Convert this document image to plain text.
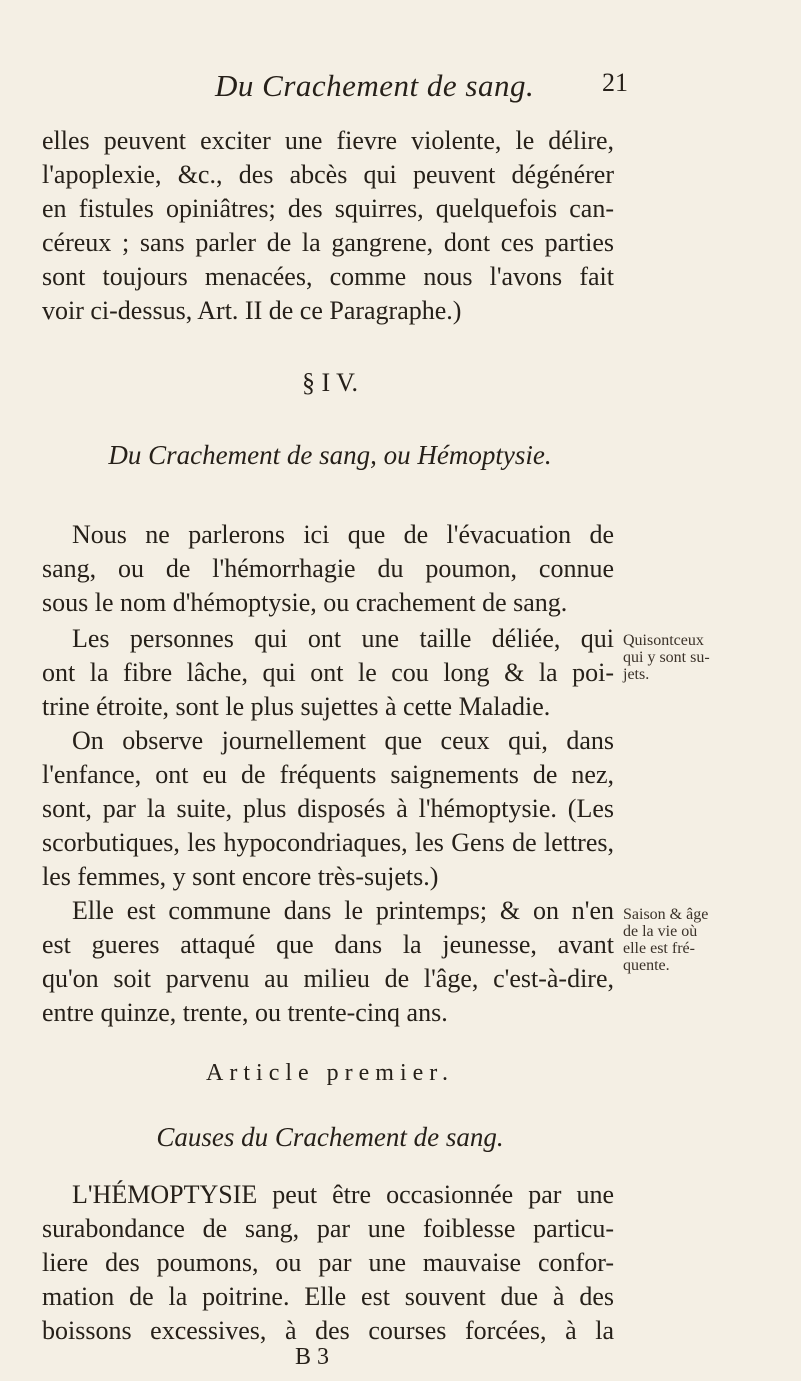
Du Crachement de sang.	21
elles peuvent exciter une fievre violente, le délire,
l'apoplexie, &c., des abcès qui peuvent dégénérer
en fistules opiniâtres; des squirres, quelquefois can-
céreux ; sans parler de la gangrene, dont ces parties
sont toujours menacées, comme nous l'avons fait
voir ci-dessus, Art. II de ce Paragraphe.)
§ I V.
Du Crachement de sang, ou Hémoptysie.
Nous ne parlerons ici que de l'évacuation de
sang, ou de l'hémorrhagie du poumon, connue
sous le nom d'hémoptysie, ou crachement de sang.
Les personnes qui ont une taille déliée, qui
ont la fibre lâche, qui ont le cou long & la poi-
trine étroite, sont le plus sujettes à cette Maladie.
On observe journellement que ceux qui, dans
l'enfance, ont eu de fréquents saignements de nez,
sont, par la suite, plus disposés à l'hémoptysie. (Les
scorbutiques, les hypocondriaques, les Gens de lettres,
les femmes, y sont encore très-sujets.)
Elle est commune dans le printemps; & on n'en
est gueres attaqué que dans la jeunesse, avant
qu'on soit parvenu au milieu de l'âge, c'est-à-dire,
entre quinze, trente, ou trente-cinq ans.
Article premier.
Causes du Crachement de sang.
L'HÉMOPTYSIE peut être occasionnée par une
surabondance de sang, par une foiblesse particu-
liere des poumons, ou par une mauvaise confor-
mation de la poitrine. Elle est souvent due à des
boissons excessives, à des courses forcées, à la
Quisontceux
qui y sont su-
jets.
Saison & âge
de la vie où
elle est fré-
quente.
B 3
